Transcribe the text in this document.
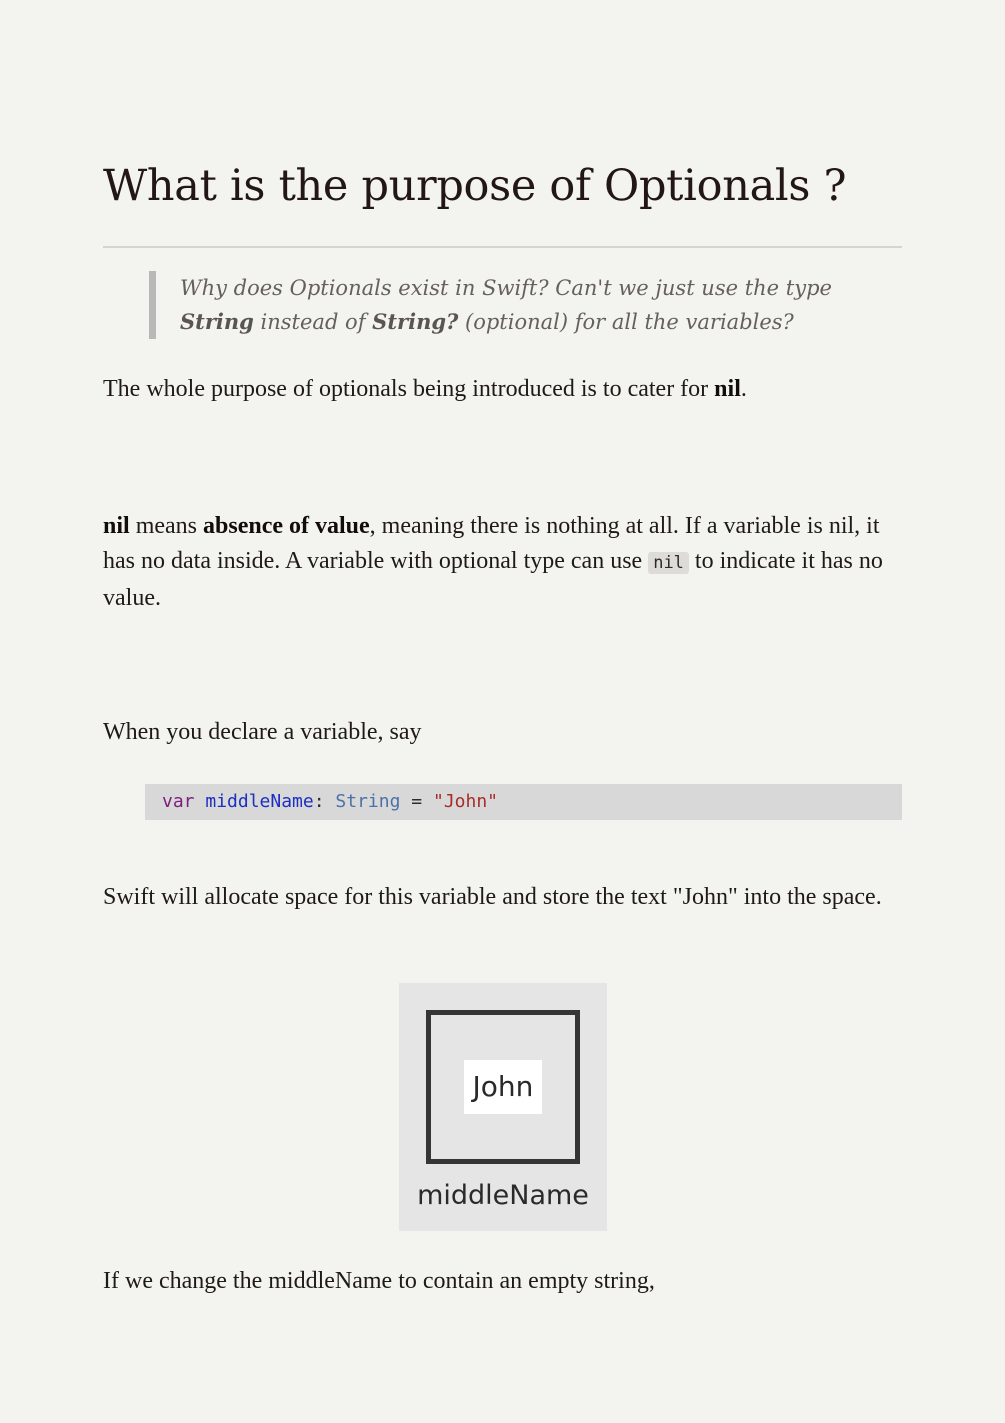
What is the purpose of Optionals ?
Why does Optionals exist in Swift? Can't we just use the type String instead of String? (optional) for all the variables?

The whole purpose of optionals being introduced is to cater for nil.

nil means absence of value, meaning there is nothing at all. If a variable is nil, it has no data inside. A variable with optional type can use nil to indicate it has no value.

When you declare a variable, say

var middleName: String = "John"

Swift will allocate space for this variable and store the text "John" into the space.

John
middleName

If we change the middleName to contain an empty string,
